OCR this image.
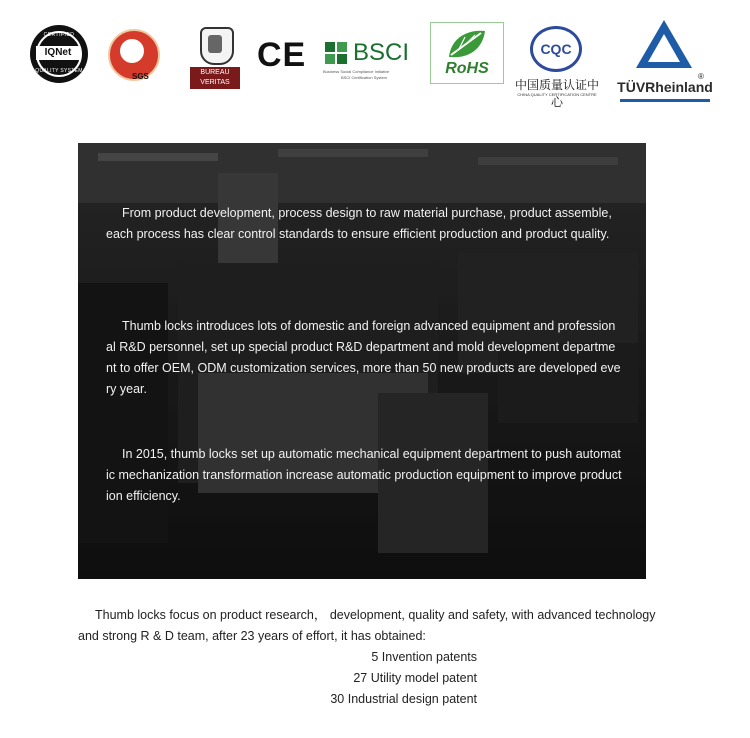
CERTIFIED
IQNet
QUALITY SYSTEM
SGS	BUREAU
VERITAS
CE BSCI
Business Social Compliance Initiative
BSCI Certification System
RoHS
CQC
中国质量认证中心
CHINA QUALITY CERTIFICATION CENTRE
®
TÜVRheinland
From product development, process design to raw material purchase, product assemble, each process has clear control standards to ensure efficient production and product quality.
Thumb locks introduces lots of domestic and foreign advanced equipment and professional R&D personnel, set up special product R&D department and mold development department to offer OEM, ODM customization services, more than 50 new products are developed every year.
In 2015, thumb locks set up automatic mechanical equipment department to push automatic mechanization transformation increase automatic production equipment to improve production efficiency.
Thumb locks focus on product research， development, quality and safety, with advanced technology and strong R & D team, after 23 years of effort, it has obtained:
5 Invention patents
27 Utility model patent
30 Industrial design patent
